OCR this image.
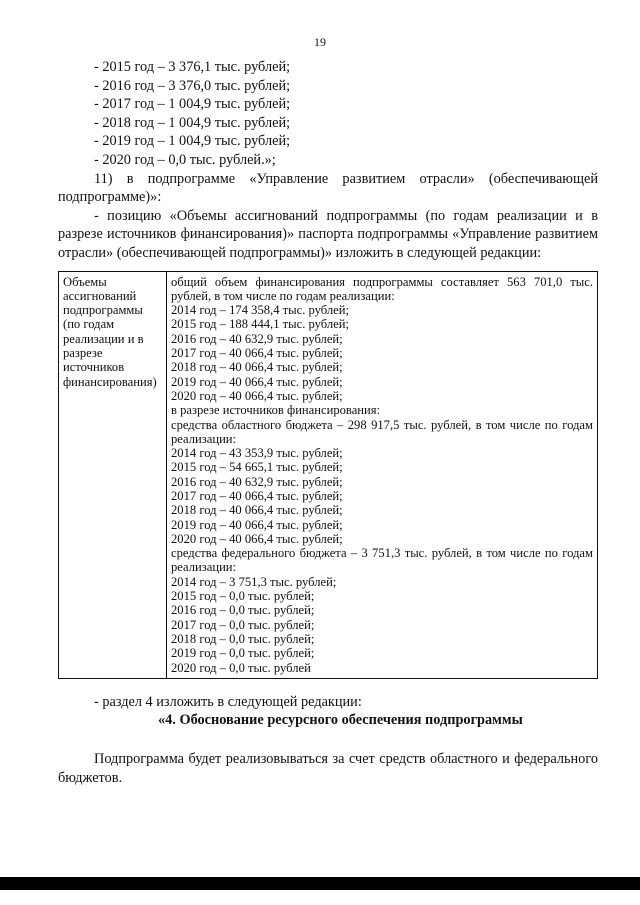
19
- 2015 год – 3 376,1 тыс. рублей;
- 2016 год – 3 376,0 тыс. рублей;
- 2017 год – 1 004,9 тыс. рублей;
- 2018 год – 1 004,9 тыс. рублей;
- 2019 год – 1 004,9 тыс. рублей;
- 2020 год – 0,0 тыс. рублей.»;
11) в подпрограмме «Управление развитием отрасли» (обеспечивающей подпрограмме)»:
- позицию «Объемы ассигнований подпрограммы (по годам реализации и в разрезе источников финансирования)» паспорта подпрограммы «Управление развитием отрасли» (обеспечивающей подпрограммы)» изложить в следующей редакции:
Объемы ассигнований подпрограммы (по годам реализации и в разрезе источников финансирования)
общий объем финансирования подпрограммы составляет 563 701,0 тыс. рублей, в том числе по годам реализации:
2014 год – 174 358,4 тыс. рублей;
2015 год – 188 444,1 тыс. рублей;
2016 год – 40 632,9 тыс. рублей;
2017 год – 40 066,4 тыс. рублей;
2018 год – 40 066,4 тыс. рублей;
2019 год – 40 066,4 тыс. рублей;
2020 год – 40 066,4 тыс. рублей;
в разрезе источников финансирования:
средства областного бюджета – 298 917,5 тыс. рублей, в том числе по годам реализации:
2014 год – 43 353,9 тыс. рублей;
2015 год – 54 665,1 тыс. рублей;
2016 год – 40 632,9 тыс. рублей;
2017 год – 40 066,4 тыс. рублей;
2018 год – 40 066,4 тыс. рублей;
2019 год – 40 066,4 тыс. рублей;
2020 год – 40 066,4 тыс. рублей;
средства федерального бюджета – 3 751,3 тыс. рублей, в том числе по годам реализации:
2014 год – 3 751,3 тыс. рублей;
2015 год – 0,0 тыс. рублей;
2016 год – 0,0 тыс. рублей;
2017 год – 0,0 тыс. рублей;
2018 год – 0,0 тыс. рублей;
2019 год – 0,0 тыс. рублей;
2020 год – 0,0 тыс. рублей
- раздел 4 изложить в следующей редакции:
«4. Обоснование ресурсного обеспечения подпрограммы
Подпрограмма будет реализовываться за счет средств областного и федерального бюджетов.
